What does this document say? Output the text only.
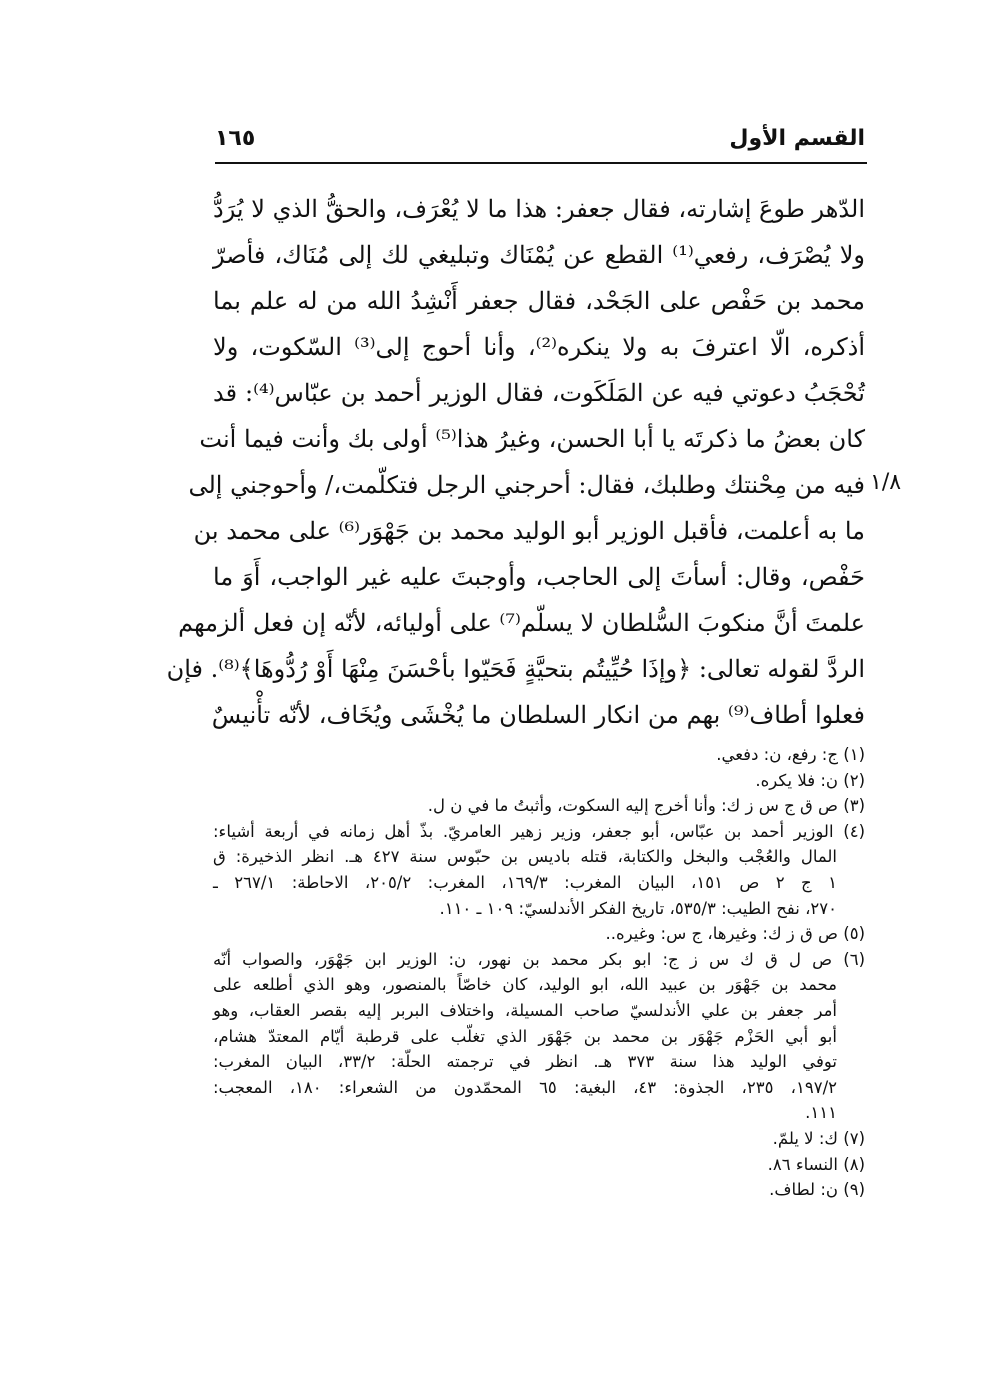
القسم الأول
١٦٥
١/٨
الدّهر طوعَ إشارته، فقال جعفر: هذا ما لا يُعْرَف، والحقُّ الذي لا يُرَدُّ
ولا يُصْرَف، رفعي⁽¹⁾ القطع عن يُمْنَاك وتبليغي لك إلى مُنَاك، فأصرّ
محمد بن حَفْص على الجَحْد، فقال جعفر أَنْشِدُ الله من له علم بما
أذكره، الّا اعترفَ به ولا ينكره⁽²⁾، وأنا أحوج إلى⁽³⁾ السّكوت، ولا
تُحْجَبُ دعوتي فيه عن المَلَكَوت، فقال الوزير أحمد بن عبّاس⁽⁴⁾: قد
كان بعضُ ما ذكرتَه يا أبا الحسن، وغيرُ هذا⁽⁵⁾ أولى بك وأنت فيما أنت
فيه من مِحْنتك وطلبك، فقال: أحرجني الرجل فتكلّمت،/ وأحوجني إلى
ما به أعلمت، فأقبل الوزير أبو الوليد محمد بن جَهْوَر⁽⁶⁾ على محمد بن
حَفْص، وقال: أسأتَ إلى الحاجب، وأوجبتَ عليه غير الواجب، أَوَ ما
علمتَ أنَّ منكوبَ السُّلطان لا يسلّم⁽⁷⁾ على أوليائه، لأنّه إن فعل ألزمهم
الردَّ لقوله تعالى: ﴿وإذَا حُيِّيتُم بتحيَّةٍ فَحَيّوا بأحْسَنَ مِنْهَا أَوْ رُدُّوهَا﴾⁽⁸⁾. فإن
فعلوا أطاف⁽⁹⁾ بهم من انكار السلطان ما يُخْشَى ويُخَاف، لأنّه تأْنيسٌ
(١) ج: رفع، ن: دفعي.
(٢) ن: فلا يكره.
(٣) ص ق ج س ز ك: وأنا أخرج إليه السكوت، وأثبتُ ما في ن ل.
(٤) الوزير أحمد بن عبّاس، أبو جعفر، وزير زهير العامريّ. بذّ أهل زمانه في أربعة أشياء:
المال والعُجْب والبخل والكتابة، قتله باديس بن حبّوس سنة ٤٢٧ هـ. انظر الذخيرة: ق
١ ج ٢ ص ١٥١، البيان المغرب: ١٦٩/٣، المغرب: ٢٠٥/٢، الاحاطة: ٢٦٧/١ ـ
٢٧٠، نفح الطيب: ٥٣٥/٣، تاريخ الفكر الأندلسيّ: ١٠٩ ـ ١١٠.
(٥) ص ق ز ك: وغيرها، ج س: وغيره..
(٦) ص ل ق ك س ز ج: ابو بكر محمد بن نهور، ن: الوزير ابن جَهْوَر، والصواب أنّه
محمد بن جَهْوَر بن عبيد الله، ابو الوليد، كان خاصّاً بالمنصور، وهو الذي أطلعه على
أمر جعفر بن علي الأندلسيّ صاحب المسيلة، واختلاف البربر إليه بقصر العقاب، وهو
أبو أبي الحَزْم جَهْوَر بن محمد بن جَهْوَر الذي تغلّب على قرطبة أيّام المعتدّ هشام،
توفي الوليد هذا سنة ٣٧٣ هـ. انظر في ترجمته الحلّة: ٣٣/٢، البيان المغرب:
١٩٧/٢، ٢٣٥، الجذوة: ٤٣، البغية: ٦٥ المحمّدون من الشعراء: ١٨٠، المعجب:
١١١.
(٧) ك: لا يلمّ.
(٨) النساء ٨٦.
(٩) ن: لطاف.
